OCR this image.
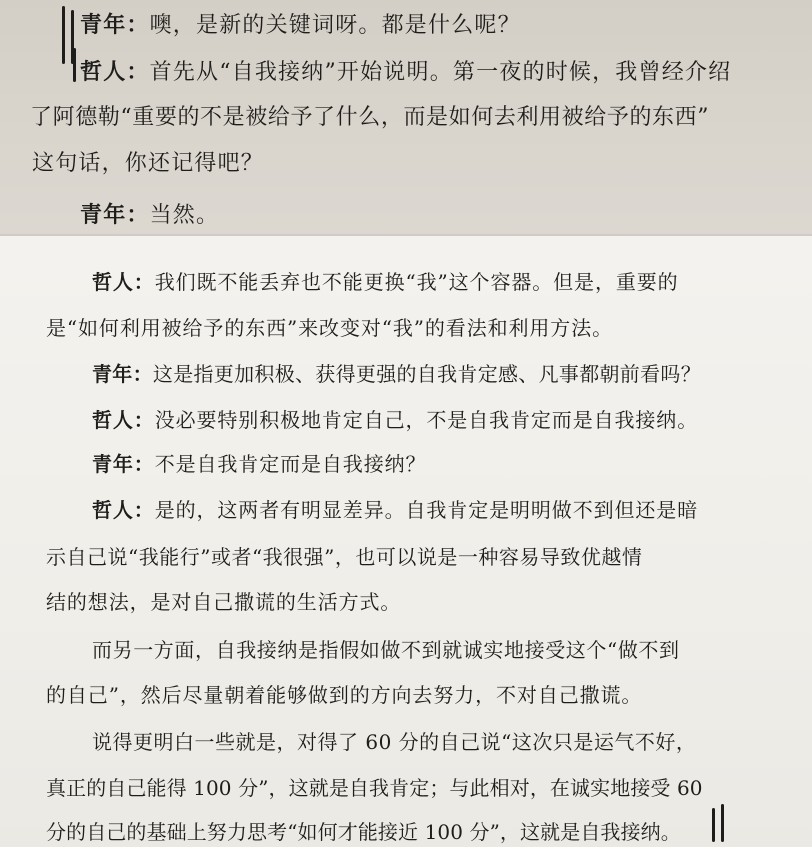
青年：噢，是新的关键词呀。都是什么呢？
哲人：首先从“自我接纳”开始说明。第一夜的时候，我曾经介绍
了阿德勒“重要的不是被给予了什么，而是如何去利用被给予的东西”
这句话，你还记得吧？
青年：当然。
哲人：我们既不能丢弃也不能更换“我”这个容器。但是，重要的
是“如何利用被给予的东西”来改变对“我”的看法和利用方法。
青年：这是指更加积极、获得更强的自我肯定感、凡事都朝前看吗？
哲人：没必要特别积极地肯定自己，不是自我肯定而是自我接纳。
青年：不是自我肯定而是自我接纳？
哲人：是的，这两者有明显差异。自我肯定是明明做不到但还是暗
示自己说“我能行”或者“我很强”，也可以说是一种容易导致优越情
结的想法，是对自己撒谎的生活方式。
而另一方面，自我接纳是指假如做不到就诚实地接受这个“做不到
的自己”，然后尽量朝着能够做到的方向去努力，不对自己撒谎。
说得更明白一些就是，对得了 60 分的自己说“这次只是运气不好，
真正的自己能得 100 分”，这就是自我肯定；与此相对，在诚实地接受 60
分的自己的基础上努力思考“如何才能接近 100 分”，这就是自我接纳。
